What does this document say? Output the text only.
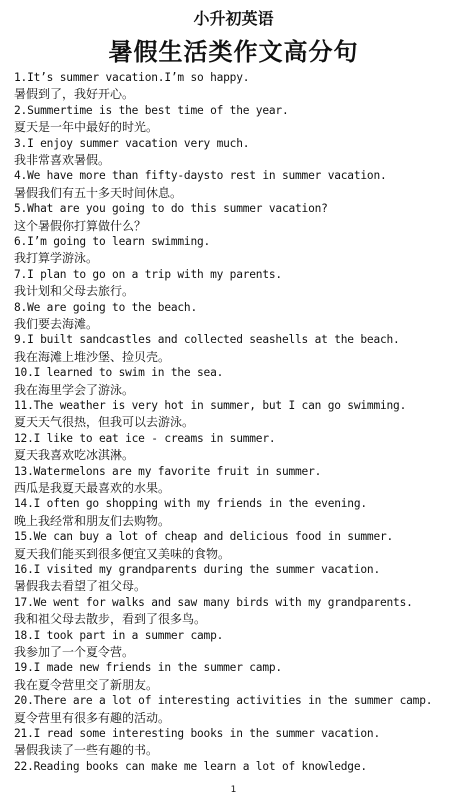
小升初英语
暑假生活类作文高分句
1.It’s summer vacation.I’m so happy.
暑假到了，我好开心。
2.Summertime is the best time of the year.
夏天是一年中最好的时光。
3.I enjoy summer vacation very much.
我非常喜欢暑假。
4.We have more than fifty-daysto rest in summer vacation.
暑假我们有五十多天时间休息。
5.What are you going to do this summer vacation?
这个暑假你打算做什么？
6.I’m going to learn swimming.
我打算学游泳。
7.I plan to go on a trip with my parents.
我计划和父母去旅行。
8.We are going to the beach.
我们要去海滩。
9.I built sandcastles and collected seashells at the beach.
我在海滩上堆沙堡、捡贝壳。
10.I learned to swim in the sea.
我在海里学会了游泳。
11.The weather is very hot in summer, but I can go swimming.
夏天天气很热，但我可以去游泳。
12.I like to eat ice - creams in summer.
夏天我喜欢吃冰淇淋。
13.Watermelons are my favorite fruit in summer.
西瓜是我夏天最喜欢的水果。
14.I often go shopping with my friends in the evening.
晚上我经常和朋友们去购物。
15.We can buy a lot of cheap and delicious food in summer.
夏天我们能买到很多便宜又美味的食物。
16.I visited my grandparents during the summer vacation.
暑假我去看望了祖父母。
17.We went for walks and saw many birds with my grandparents.
我和祖父母去散步，看到了很多鸟。
18.I took part in a summer camp.
我参加了一个夏令营。
19.I made new friends in the summer camp.
我在夏令营里交了新朋友。
20.There are a lot of interesting activities in the summer camp.
夏令营里有很多有趣的活动。
21.I read some interesting books in the summer vacation.
暑假我读了一些有趣的书。
22.Reading books can make me learn a lot of knowledge.
1
